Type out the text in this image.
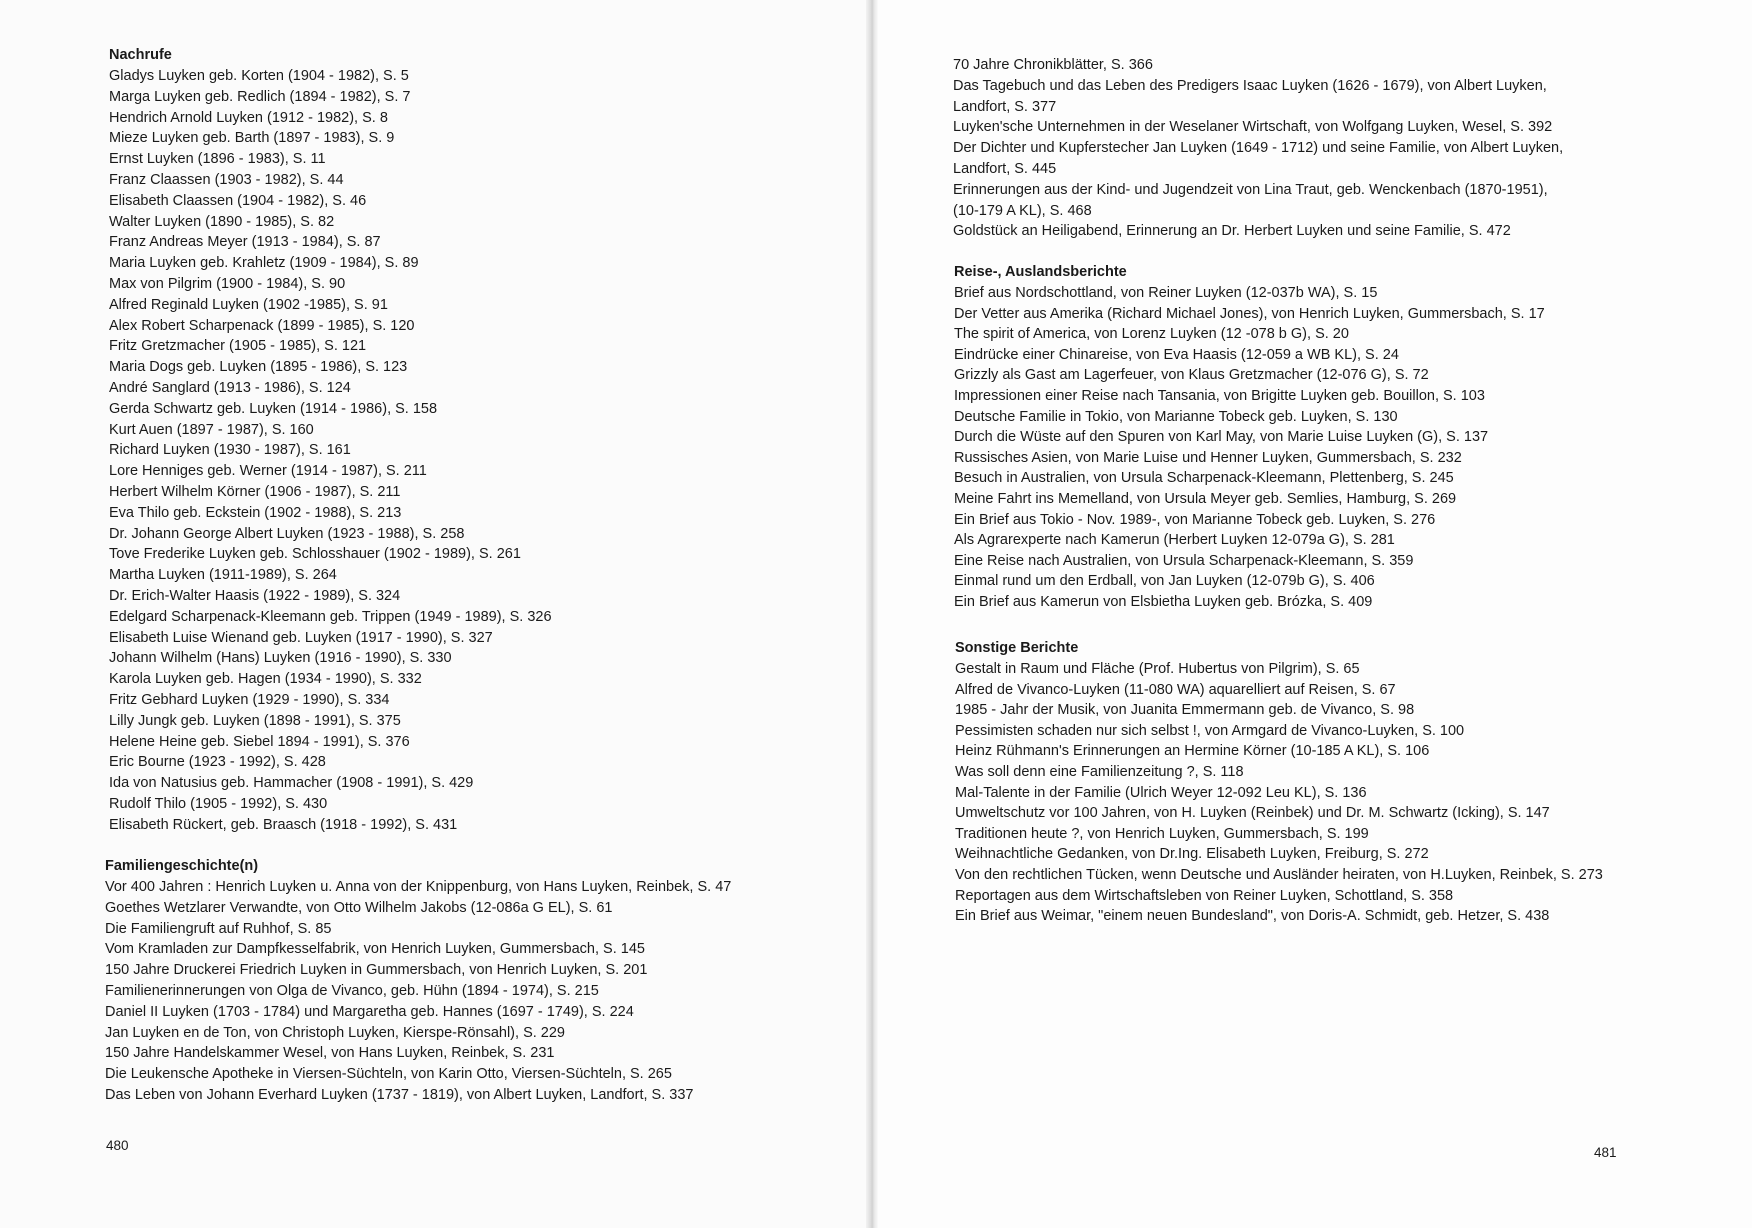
Nachrufe
Gladys Luyken geb. Korten (1904 - 1982), S. 5
Marga Luyken geb. Redlich (1894 - 1982), S. 7
Hendrich Arnold Luyken (1912 - 1982), S. 8
Mieze Luyken geb. Barth (1897 - 1983), S. 9
Ernst Luyken (1896 - 1983), S. 11
Franz Claassen (1903 - 1982), S. 44
Elisabeth Claassen (1904 - 1982), S. 46
Walter Luyken (1890 - 1985), S. 82
Franz Andreas Meyer (1913 - 1984), S. 87
Maria Luyken geb. Krahletz (1909 - 1984), S. 89
Max von Pilgrim (1900 - 1984), S. 90
Alfred Reginald Luyken (1902 -1985), S. 91
Alex Robert Scharpenack (1899 - 1985), S. 120
Fritz Gretzmacher (1905 - 1985), S. 121
Maria Dogs geb. Luyken (1895 - 1986), S. 123
André Sanglard (1913 - 1986), S. 124
Gerda Schwartz geb. Luyken (1914 - 1986), S. 158
Kurt Auen (1897 - 1987), S. 160
Richard Luyken (1930 - 1987), S. 161
Lore Henniges geb. Werner (1914 - 1987), S. 211
Herbert Wilhelm Körner (1906 - 1987), S. 211
Eva Thilo geb. Eckstein (1902 - 1988), S. 213
Dr. Johann George Albert Luyken (1923 - 1988), S. 258
Tove Frederike Luyken geb. Schlosshauer (1902 - 1989), S. 261
Martha Luyken (1911-1989), S. 264
Dr. Erich-Walter Haasis (1922 - 1989), S. 324
Edelgard Scharpenack-Kleemann geb. Trippen (1949 - 1989), S. 326
Elisabeth Luise Wienand geb. Luyken (1917 - 1990), S. 327
Johann Wilhelm (Hans) Luyken (1916 - 1990), S. 330
Karola Luyken geb. Hagen (1934 - 1990), S. 332
Fritz Gebhard Luyken (1929 - 1990), S. 334
Lilly Jungk geb. Luyken (1898 - 1991), S. 375
Helene Heine geb. Siebel 1894 - 1991), S. 376
Eric Bourne (1923 - 1992), S. 428
Ida von Natusius geb. Hammacher (1908 - 1991), S. 429
Rudolf Thilo (1905 - 1992), S. 430
Elisabeth Rückert, geb. Braasch (1918 - 1992), S. 431
Familiengeschichte(n)
Vor 400 Jahren : Henrich Luyken u. Anna von der Knippenburg, von Hans Luyken, Reinbek, S. 47
Goethes Wetzlarer Verwandte, von Otto Wilhelm Jakobs (12-086a G EL), S. 61
Die Familiengruft auf Ruhhof, S. 85
Vom Kramladen zur Dampfkesselfabrik, von Henrich Luyken, Gummersbach, S. 145
150 Jahre Druckerei Friedrich Luyken in Gummersbach, von Henrich Luyken, S. 201
Familienerinnerungen von Olga de Vivanco, geb. Hühn (1894 - 1974), S. 215
Daniel II Luyken (1703 - 1784) und Margaretha geb. Hannes (1697 - 1749), S. 224
Jan Luyken en de Ton, von Christoph Luyken, Kierspe-Rönsahl), S. 229
150 Jahre Handelskammer Wesel, von Hans Luyken, Reinbek, S. 231
Die Leukensche Apotheke in Viersen-Süchteln, von Karin Otto, Viersen-Süchteln, S. 265
Das Leben von Johann Everhard Luyken (1737 - 1819), von Albert Luyken, Landfort, S. 337
480
70 Jahre Chronikblätter, S. 366
Das Tagebuch und das Leben des Predigers Isaac Luyken (1626 - 1679), von Albert Luyken,
Landfort, S. 377
Luyken'sche Unternehmen in der Weselaner Wirtschaft, von Wolfgang Luyken, Wesel, S. 392
Der Dichter und Kupferstecher Jan Luyken (1649 - 1712) und seine Familie, von Albert Luyken,
Landfort, S. 445
Erinnerungen aus der Kind- und Jugendzeit von Lina Traut, geb. Wenckenbach (1870-1951),
(10-179 A KL), S. 468
Goldstück an Heiligabend, Erinnerung an Dr. Herbert Luyken und seine Familie, S. 472
Reise-, Auslandsberichte
Brief aus Nordschottland, von Reiner Luyken (12-037b WA), S. 15
Der Vetter aus Amerika (Richard Michael Jones), von Henrich Luyken, Gummersbach, S. 17
The spirit of America, von Lorenz Luyken (12 -078 b G), S. 20
Eindrücke einer Chinareise, von Eva Haasis (12-059 a WB KL), S. 24
Grizzly als Gast am Lagerfeuer, von Klaus Gretzmacher (12-076 G), S. 72
Impressionen einer Reise nach Tansania, von Brigitte Luyken geb. Bouillon, S. 103
Deutsche Familie in Tokio, von Marianne Tobeck geb. Luyken, S. 130
Durch die Wüste auf den Spuren von Karl May, von Marie Luise Luyken (G), S. 137
Russisches Asien, von Marie Luise und Henner Luyken, Gummersbach, S. 232
Besuch in Australien, von Ursula Scharpenack-Kleemann, Plettenberg, S. 245
Meine Fahrt ins Memelland, von Ursula Meyer geb. Semlies, Hamburg, S. 269
Ein Brief aus Tokio - Nov. 1989-, von Marianne Tobeck geb. Luyken, S. 276
Als Agrarexperte nach Kamerun (Herbert Luyken 12-079a G), S. 281
Eine Reise nach Australien, von Ursula Scharpenack-Kleemann, S. 359
Einmal rund um den Erdball, von Jan Luyken (12-079b G), S. 406
Ein Brief aus Kamerun von Elsbiethа Luyken geb. Brózka, S. 409
Sonstige Berichte
Gestalt in Raum und Fläche (Prof. Hubertus von Pilgrim), S. 65
Alfred de Vivanco-Luyken (11-080 WA) aquarelliert auf Reisen, S. 67
1985 - Jahr der Musik, von Juanita Emmermann geb. de Vivanco, S. 98
Pessimisten schaden nur sich selbst !, von Armgard de Vivanco-Luyken, S. 100
Heinz Rühmann's Erinnerungen an Hermine Körner (10-185 A KL), S. 106
Was soll denn eine Familienzeitung ?, S. 118
Mal-Talente in der Familie (Ulrich Weyer 12-092 Leu KL), S. 136
Umweltschutz vor 100 Jahren, von H. Luyken (Reinbek) und Dr. M. Schwartz (Icking), S. 147
Traditionen heute ?, von Henrich Luyken, Gummersbach, S. 199
Weihnachtliche Gedanken, von Dr.Ing. Elisabeth Luyken, Freiburg, S. 272
Von den rechtlichen Tücken, wenn Deutsche und Ausländer heiraten, von H.Luyken, Reinbek, S. 273
Reportagen aus dem Wirtschaftsleben von Reiner Luyken, Schottland, S. 358
Ein Brief aus Weimar, "einem neuen Bundesland", von Doris-A. Schmidt, geb. Hetzer, S. 438
481
